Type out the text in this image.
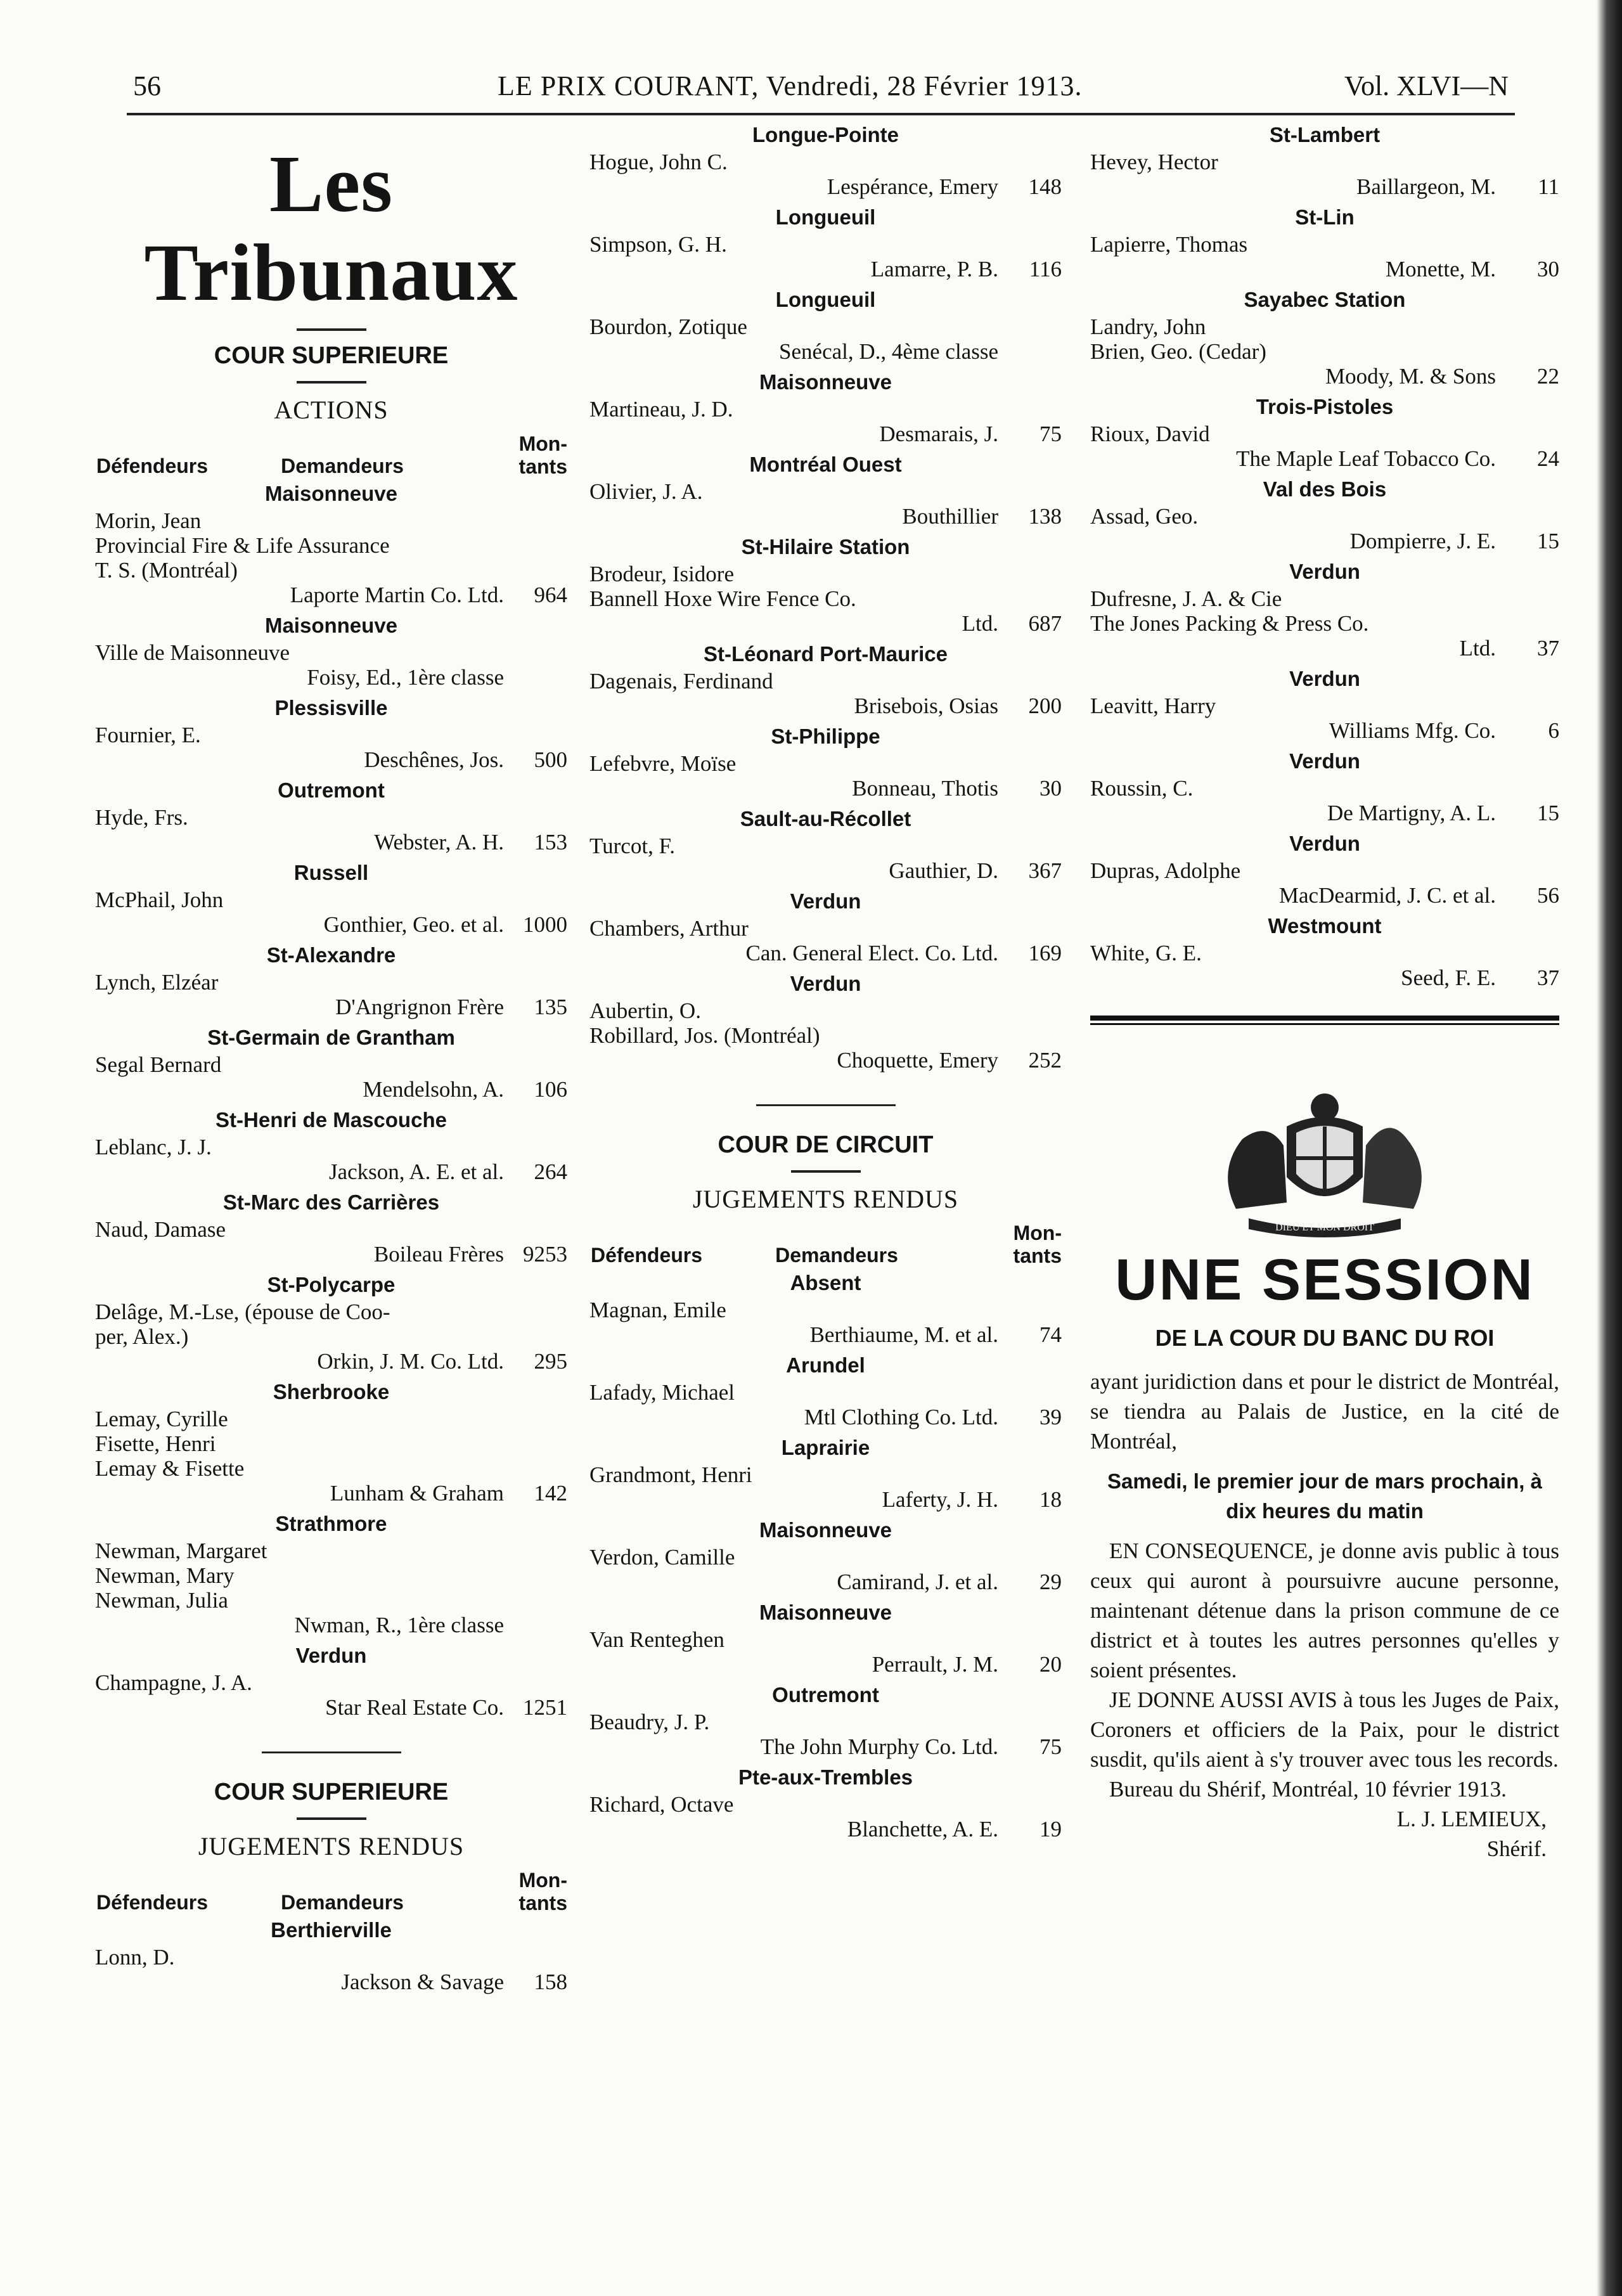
56	LE PRIX COURANT, Vendredi, 28 Février 1913.	Vol. XLVI—N
Les Tribunaux
COUR SUPERIEURE
ACTIONS
Défendeurs	Demandeurs
Mon-
tants
Maisonneuve
Morin, Jean
Provincial Fire & Life Assurance
T. S. (Montréal)
Laporte Martin Co. Ltd.	964
Maisonneuve
Ville de Maisonneuve
Foisy, Ed., 1ère classe
Plessisville
Fournier, E.
Deschênes, Jos.	500
Outremont
Hyde, Frs.
Webster, A. H.	153
Russell
McPhail, John
Gonthier, Geo. et al. 1000
St-Alexandre
Lynch, Elzéar
D'Angrignon Frère	135
St-Germain de Grantham
Segal Bernard
Mendelsohn, A.	106
St-Henri de Mascouche
Leblanc, J. J.
Jackson, A. E. et al.	264
St-Marc des Carrières
Naud, Damase
Boileau Frères 9253
St-Polycarpe
Delâge, M.-Lse, (épouse de Coo-
per, Alex.)
Orkin, J. M. Co. Ltd.	295
Sherbrooke
Lemay, Cyrille
Fisette, Henri
Lemay & Fisette
Lunham & Graham	142
Strathmore
Newman, Margaret
Newman, Mary
Newman, Julia
Nwman, R., 1ère classe
Verdun
Champagne, J. A.
Star Real Estate Co. 1251
COUR SUPERIEURE
JUGEMENTS RENDUS
Défendeurs	Demandeurs
Mon-
tants
Berthierville
Lonn, D.
Jackson & Savage	158
Longue-Pointe
Hogue, John C.
Lespérance, Emery	148
Longueuil
Simpson, G. H.
Lamarre, P. B.	116
Longueuil
Bourdon, Zotique
Senécal, D., 4ème classe
Maisonneuve
Martineau, J. D.
Desmarais, J.	75
Montréal Ouest
Olivier, J. A.
Bouthillier	138
St-Hilaire Station
Brodeur, Isidore
Bannell Hoxe Wire Fence Co.
Ltd.	687
St-Léonard Port-Maurice
Dagenais, Ferdinand
Brisebois, Osias	200
St-Philippe
Lefebvre, Moïse
Bonneau, Thotis	30
Sault-au-Récollet
Turcot, F.
Gauthier, D.	367
Verdun
Chambers, Arthur
Can. General Elect. Co. Ltd.	169
Verdun
Aubertin, O.
Robillard, Jos. (Montréal)
Choquette, Emery	252
COUR DE CIRCUIT
JUGEMENTS RENDUS
Défendeurs	Demandeurs
Mon-
tants
Absent
Magnan, Emile
Berthiaume, M. et al.	74
Arundel
Lafady, Michael
Mtl Clothing Co. Ltd.	39
Laprairie
Grandmont, Henri
Laferty, J. H.	18
Maisonneuve
Verdon, Camille
Camirand, J. et al.	29
Maisonneuve
Van Renteghen
Perrault, J. M.	20
Outremont
Beaudry, J. P.
The John Murphy Co. Ltd.	75
Pte-aux-Trembles
Richard, Octave
Blanchette, A. E.	19
St-Lambert
Hevey, Hector
Baillargeon, M.	11
St-Lin
Lapierre, Thomas
Monette, M.	30
Sayabec Station
Landry, John
Brien, Geo. (Cedar)
Moody, M. & Sons	22
Trois-Pistoles
Rioux, David
The Maple Leaf Tobacco Co.	24
Val des Bois
Assad, Geo.
Dompierre, J. E.	15
Verdun
Dufresne, J. A. & Cie
The Jones Packing & Press Co.
Ltd.	37
Verdun
Leavitt, Harry
Williams Mfg. Co.	6
Verdun
Roussin, C.
De Martigny, A. L.	15
Verdun
Dupras, Adolphe
MacDearmid, J. C. et al.	56
Westmount
White, G. E.
Seed, F. E.	37
DIEU ET MON DROIT
UNE SESSION
DE LA COUR DU BANC DU ROI
ayant juridiction dans et pour le district de Montréal, se tiendra au Palais de Justice, en la cité de Montréal,
Samedi, le premier jour de mars prochain, à dix heures du matin
EN CONSEQUENCE, je donne avis public à tous ceux qui auront à poursuivre aucune personne, maintenant détenue dans la prison commune de ce district et à toutes les autres personnes qu'elles y soient présentes.
JE DONNE AUSSI AVIS à tous les Juges de Paix, Coroners et officiers de la Paix, pour le district susdit, qu'ils aient à s'y trouver avec tous les records.
Bureau du Shérif, Montréal, 10 février 1913.
L. J. LEMIEUX,
Shérif.
